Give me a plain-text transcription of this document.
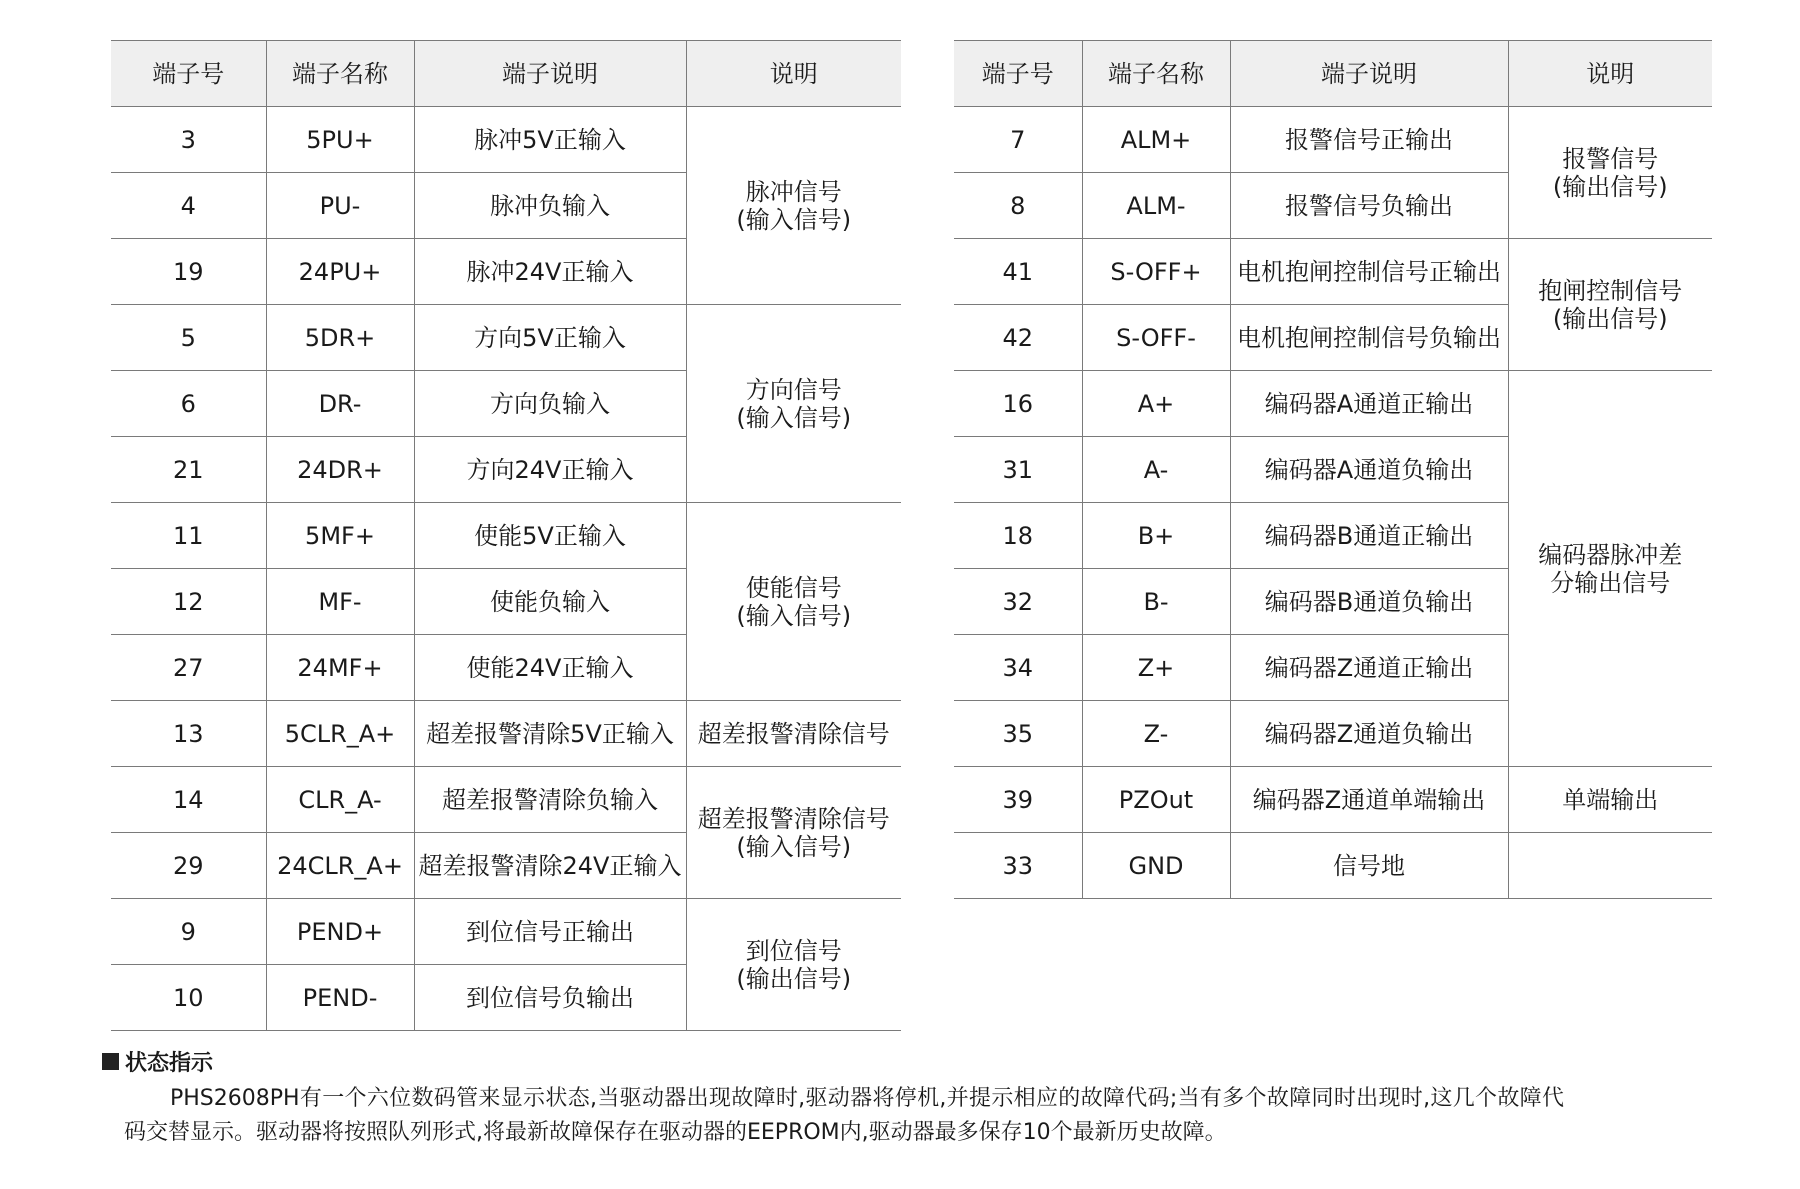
端子号	端子名称	端子说明	说明
3	5PU+	脉冲5V正输入	脉冲信号
(输入信号)
4	PU-	脉冲负输入	
19	24PU+	脉冲24V正输入	
5	5DR+	方向5V正输入	方向信号
(输入信号)
6	DR-	方向负输入	
21	24DR+	方向24V正输入	
11	5MF+	使能5V正输入	使能信号
(输入信号)
12	MF-	使能负输入	
27	24MF+	使能24V正输入	
13	5CLR_A+	超差报警清除5V正输入	超差报警清除信号
14	CLR_A-	超差报警清除负输入	超差报警清除信号
(输入信号)
29	24CLR_A+	超差报警清除24V正输入	
9	PEND+	到位信号正输出	到位信号
(输出信号)
10	PEND-	到位信号负输出	
端子号	端子名称	端子说明	说明
7	ALM+	报警信号正输出	报警信号
(输出信号)
8	ALM-	报警信号负输出	
41	S-OFF+	电机抱闸控制信号正输出	抱闸控制信号
(输出信号)
42	S-OFF-	电机抱闸控制信号负输出	
16	A+	编码器A通道正输出	编码器脉冲差
分输出信号
31	A-	编码器A通道负输出	
18	B+	编码器B通道正输出	
32	B-	编码器B通道负输出	
34	Z+	编码器Z通道正输出	
35	Z-	编码器Z通道负输出	
39	PZOut	编码器Z通道单端输出	单端输出
33	GND	信号地	
状态指示
PHS2608PH有一个六位数码管来显示状态,当驱动器出现故障时,驱动器将停机,并提示相应的故障代码;当有多个故障同时出现时,这几个故障代码交替显示。驱动器将按照队列形式,将最新故障保存在驱动器的EEPROM内,驱动器最多保存10个最新历史故障。
